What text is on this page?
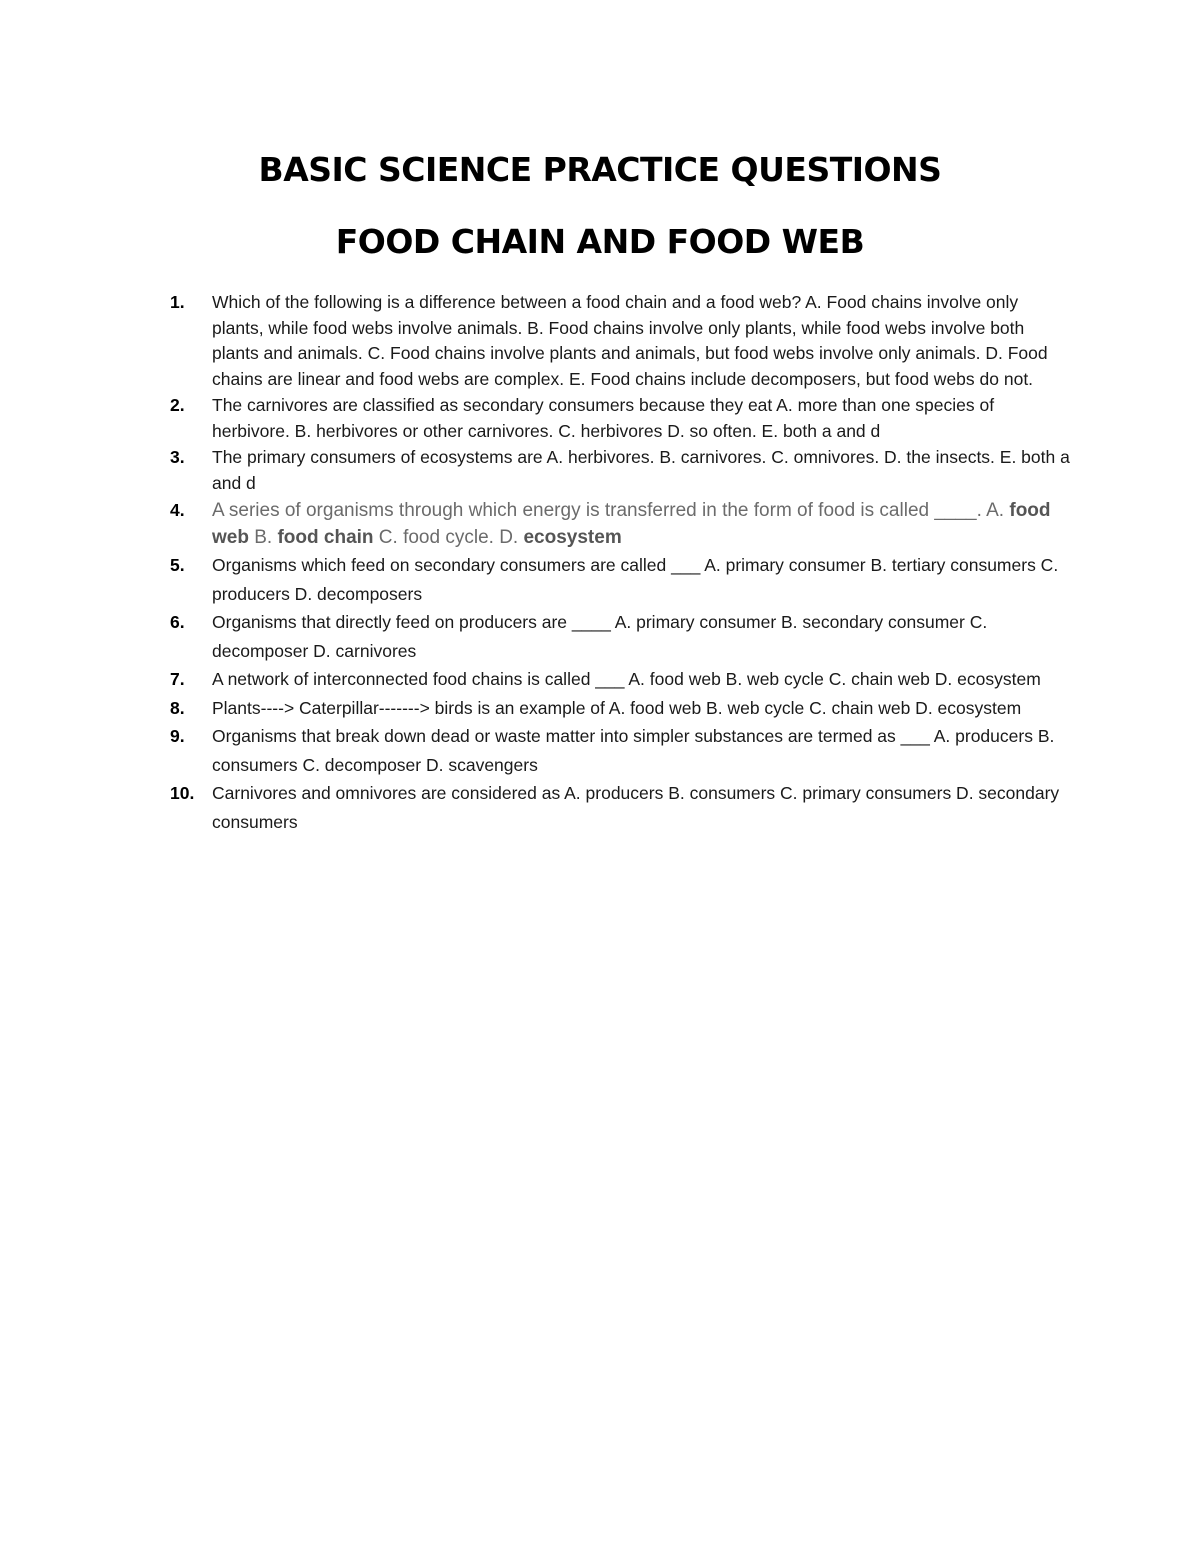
BASIC SCIENCE PRACTICE QUESTIONS
FOOD CHAIN AND FOOD WEB
1.	Which of the following is a difference between a food chain and a food web? A. Food chains involve only plants, while food webs involve animals. B. Food chains involve only plants, while food webs involve both plants and animals. C. Food chains involve plants and animals, but food webs involve only animals. D. Food chains are linear and food webs are complex. E. Food chains include decomposers, but food webs do not.
2.	The carnivores are classified as secondary consumers because they eat A. more than one species of herbivore. B. herbivores or other carnivores. C. herbivores D. so often. E. both a and d
3.	The primary consumers of ecosystems are A. herbivores. B. carnivores. C. omnivores. D. the insects. E. both a and d
4.	A series of organisms through which energy is transferred in the form of food is called ____. A. food web B. food chain C. food cycle. D. ecosystem
5.	Organisms which feed on secondary consumers are called ___ A. primary consumer B. tertiary consumers C. producers D. decomposers
6.	Organisms that directly feed on producers are ____ A. primary consumer B. secondary consumer C. decomposer D. carnivores
7.	A network of interconnected food chains is called ___ A. food web B. web cycle C. chain web D. ecosystem
8.	Plants----> Caterpillar-------> birds is an example of A. food web B. web cycle C. chain web D. ecosystem
9.	Organisms that break down dead or waste matter into simpler substances are termed as ___ A. producers B. consumers C. decomposer D. scavengers
10.	Carnivores and omnivores are considered as A. producers B. consumers C. primary consumers D. secondary consumers
